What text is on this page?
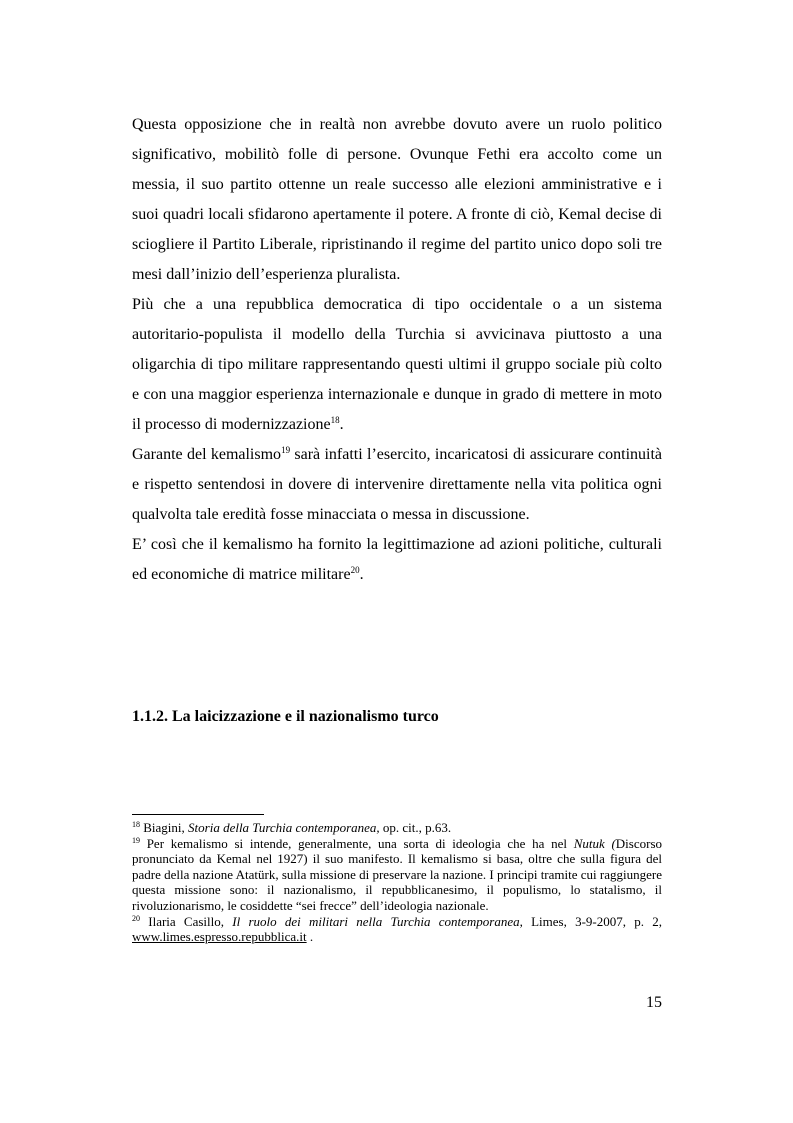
Questa opposizione che in realtà non avrebbe dovuto avere un ruolo politico significativo, mobilitò folle di persone. Ovunque Fethi era accolto come un messia, il suo partito ottenne un reale successo alle elezioni amministrative e i suoi quadri locali sfidarono apertamente il potere. A fronte di ciò, Kemal decise di sciogliere il Partito Liberale, ripristinando il regime del partito unico dopo soli tre mesi dall’inizio dell’esperienza pluralista.

Più che a una repubblica democratica di tipo occidentale o a un sistema autoritario-populista il modello della Turchia si avvicinava piuttosto a una oligarchia di tipo militare rappresentando questi ultimi il gruppo sociale più colto e con una maggior esperienza internazionale e dunque in grado di mettere in moto il processo di modernizzazione$^{18}$.

Garante del kemalismo$^{19}$ sarà infatti l’esercito, incaricatosi di assicurare continuità e rispetto sentendosi in dovere di intervenire direttamente nella vita politica ogni qualvolta tale eredità fosse minacciata o messa in discussione.

E’ così che il kemalismo ha fornito la legittimazione ad azioni politiche, culturali ed economiche di matrice militare$^{20}$.

1.1.2. La laicizzazione e il nazionalismo turco

$^{18}$ Biagini, Storia della Turchia contemporanea, op. cit., p.63.

$^{19}$ Per kemalismo si intende, generalmente, una sorta di ideologia che ha nel Nutuk (Discorso pronunciato da Kemal nel 1927) il suo manifesto. Il kemalismo si basa, oltre che sulla figura del padre della nazione Atatürk, sulla missione di preservare la nazione. I principi tramite cui raggiungere questa missione sono: il nazionalismo, il repubblicanesimo, il populismo, lo statalismo, il rivoluzionarismo, le cosiddette “sei frecce” dell’ideologia nazionale.

$^{20}$ Ilaria Casillo, Il ruolo dei militari nella Turchia contemporanea, Limes, 3-9-2007, p. 2, www.limes.espresso.repubblica.it .

15
